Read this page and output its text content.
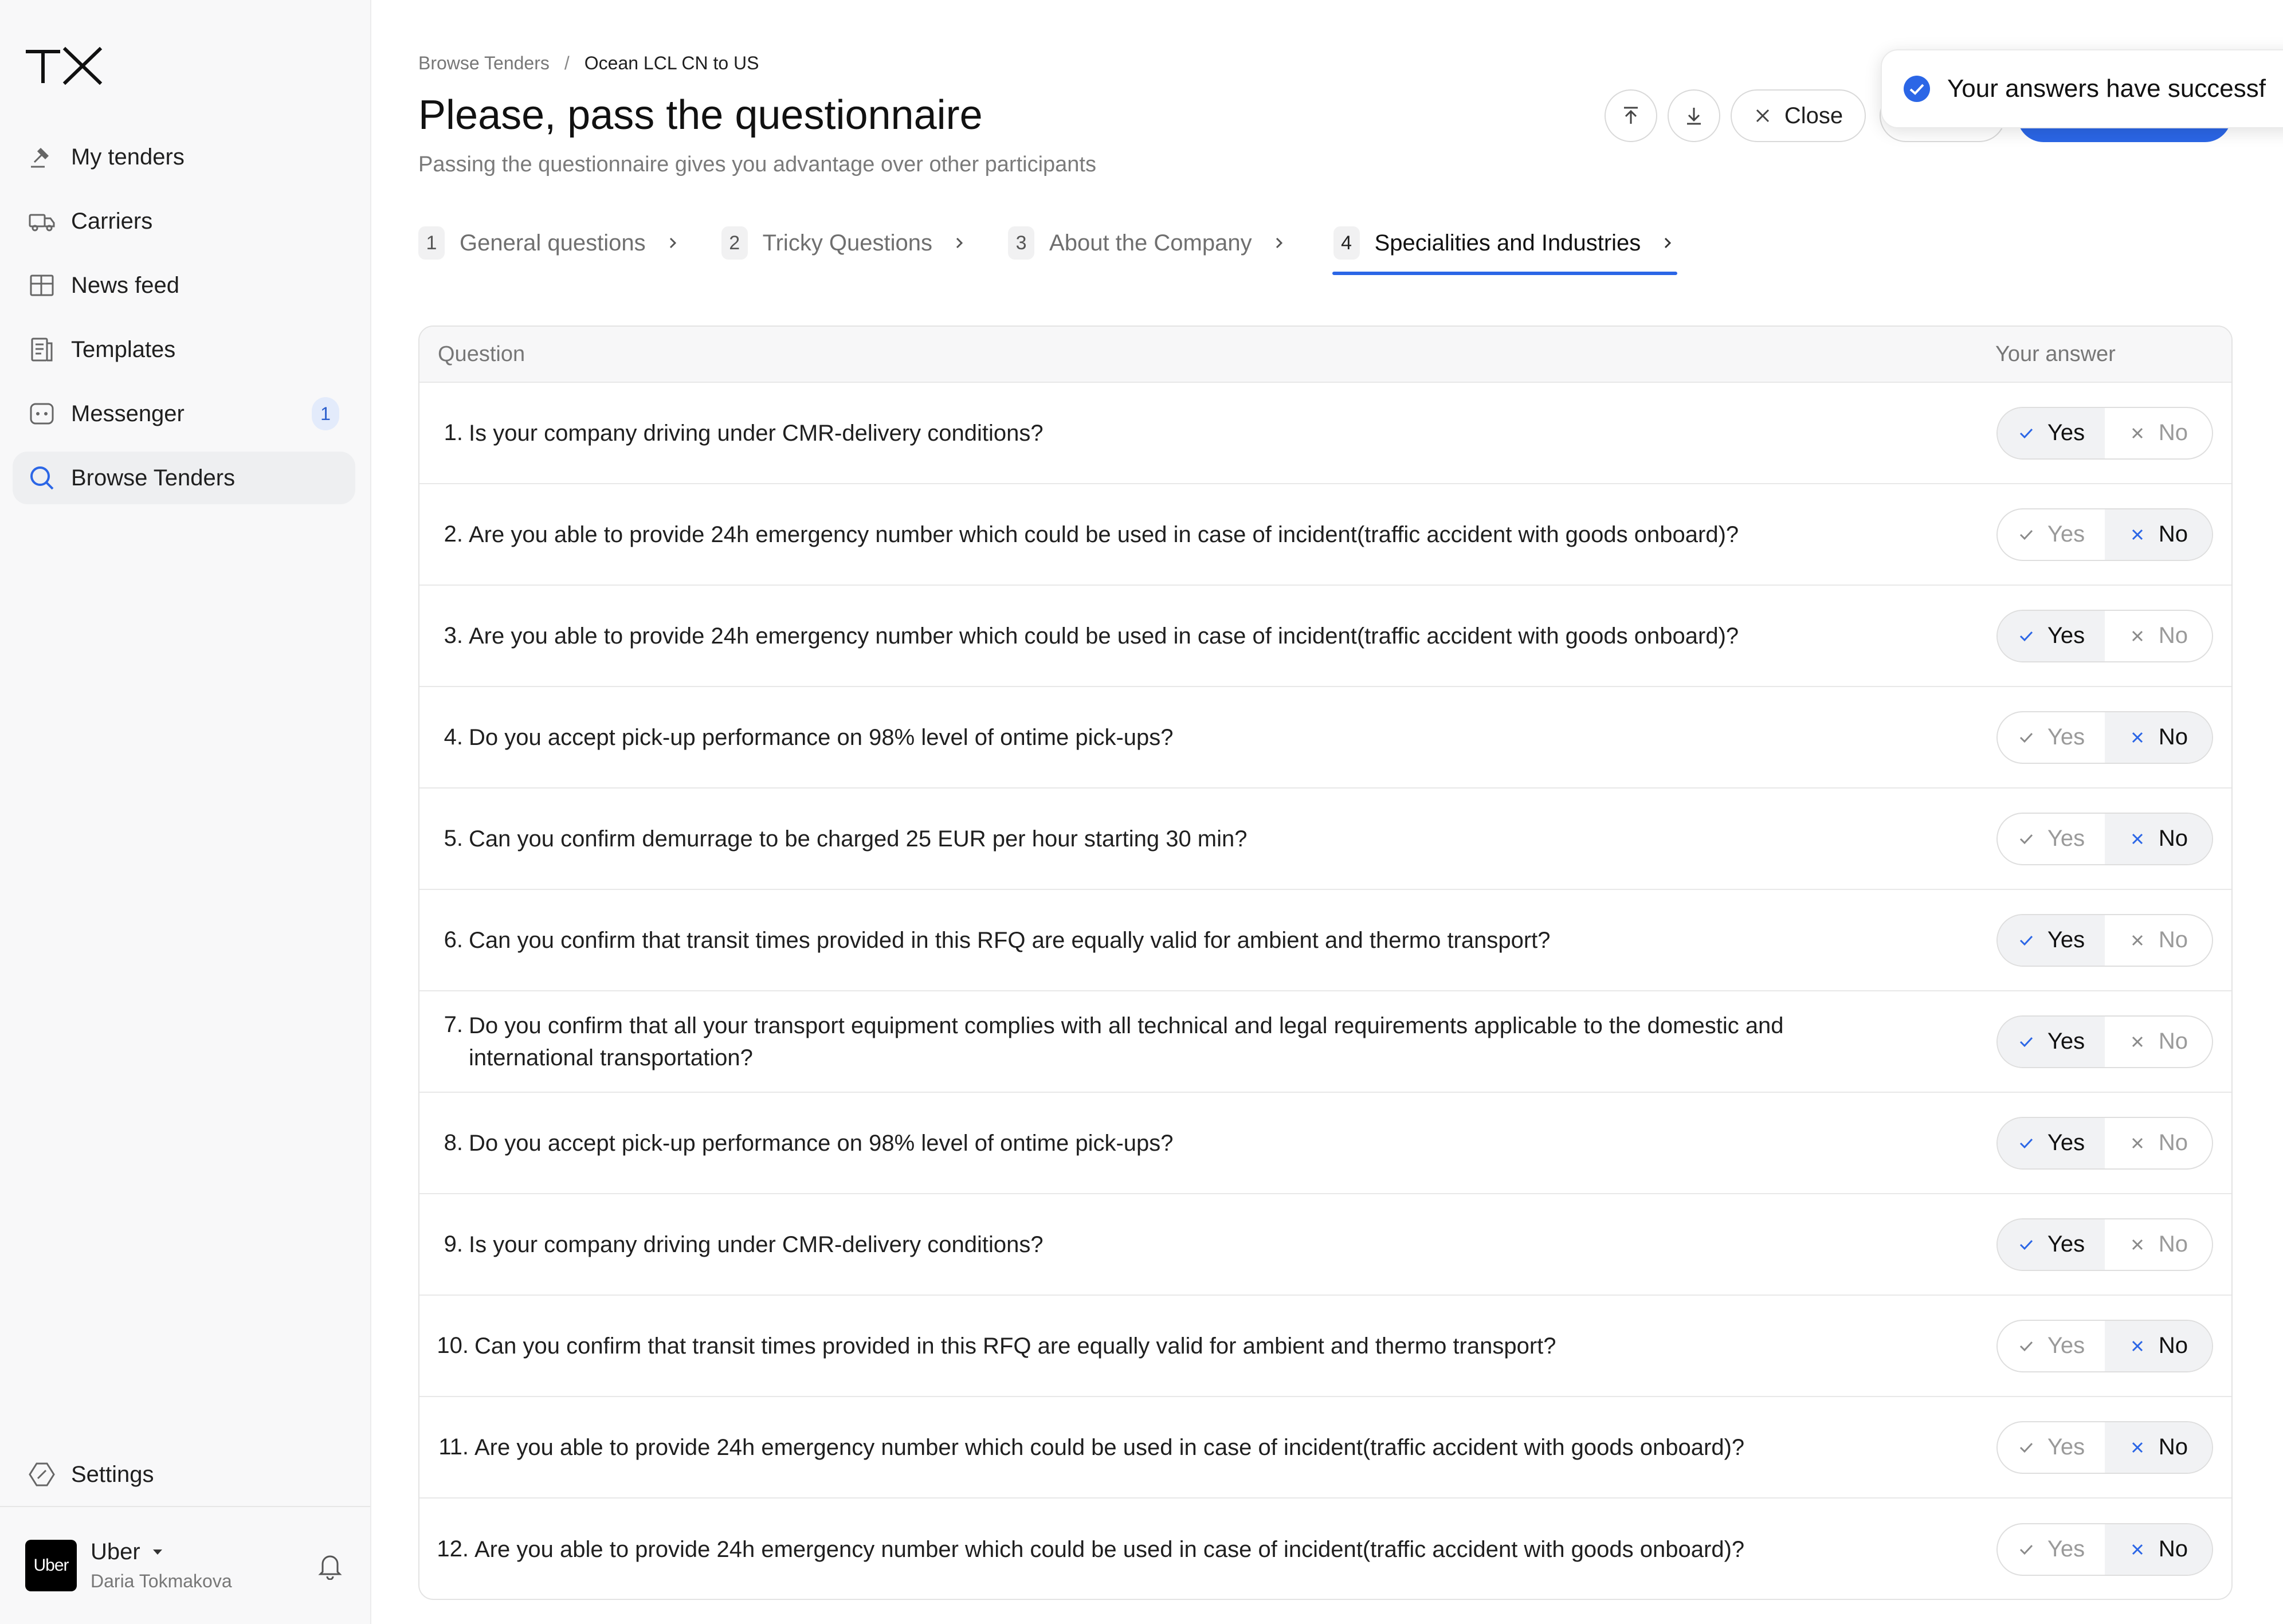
My tenders
Carriers
News feed
Templates
Messenger	1
Browse Tenders
Settings
Uber
Uber
Daria Tokmakova
Browse Tenders / Ocean LCL CN to US
Please, pass the questionnaire
Passing the questionnaire gives you advantage over other participants
Close
Your answers have successf
1 General questions	2 Tricky Questions	3 About the Company	4 Specialities and Industries
Question	Your answer
1. Is your company driving under CMR-delivery conditions?	Yes	No
2. Are you able to provide 24h emergency number which could be used in case of incident(traffic accident with goods onboard)?	Yes	No
3. Are you able to provide 24h emergency number which could be used in case of incident(traffic accident with goods onboard)?	Yes	No
4. Do you accept pick-up performance on 98% level of ontime pick-ups?	Yes	No
5. Can you confirm demurrage to be charged 25 EUR per hour starting 30 min?	Yes	No
6. Can you confirm that transit times provided in this RFQ are equally valid for ambient and thermo transport?	Yes	No
7. Do you confirm that all your transport equipment complies with all technical and legal requirements applicable to the domestic and international transportation?
Yes	No
8. Do you accept pick-up performance on 98% level of ontime pick-ups?	Yes	No
9. Is your company driving under CMR-delivery conditions?	Yes	No
10. Can you confirm that transit times provided in this RFQ are equally valid for ambient and thermo transport?	Yes	No
11. Are you able to provide 24h emergency number which could be used in case of incident(traffic accident with goods onboard)?	Yes	No
12. Are you able to provide 24h emergency number which could be used in case of incident(traffic accident with goods onboard)?	Yes	No
